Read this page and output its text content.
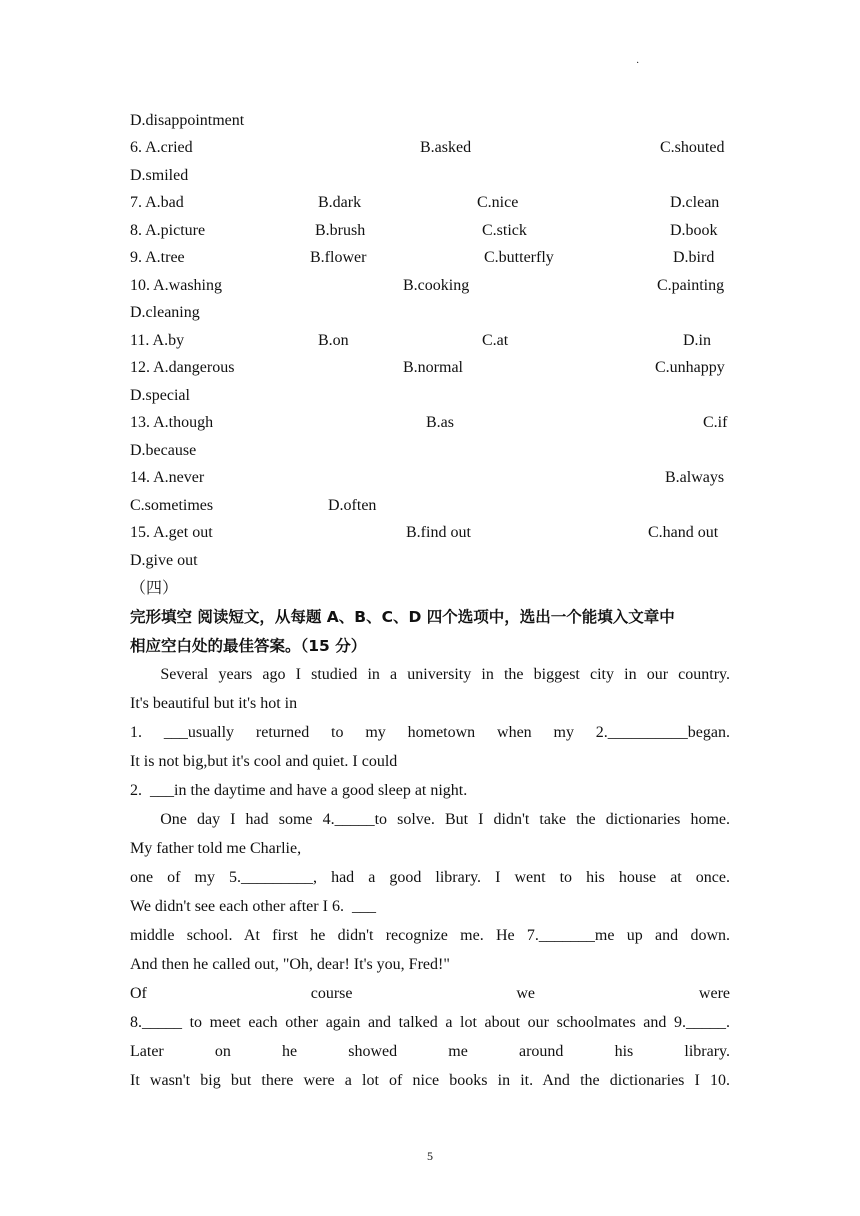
·
D.disappointment
6. A.cried	B.asked	C.shouted
D.smiled
7. A.bad	B.dark	C.nice	D.clean
8. A.picture	B.brush	C.stick	D.book
9. A.tree	B.flower	C.butterfly	D.bird
10. A.washing	B.cooking	C.painting
D.cleaning
11. A.by	B.on	C.at	D.in
12. A.dangerous	B.normal	C.unhappy
D.special
13. A.though	B.as	C.if
D.because
14. A.never	B.always
C.sometimes	D.often
15. A.get out	B.find out	C.hand out
D.give out
（四）
完形填空 阅读短文，从每题 A、B、C、D 四个选项中，选出一个能填入文章中
相应空白处的最佳答案。（15 分）
Several years ago I studied in a university in the biggest city in our country.
It's beautiful but it's hot in
1. ___usually returned to my hometown when my 2.__________began.
It is not big,but it's cool and quiet. I could
2.  ___in the daytime and have a good sleep at night.
One day I had some 4._____to solve. But I didn't take the dictionaries home.
My father told me Charlie,
one of my 5._________, had a good library. I went to his house at once.
We didn't see each other after I 6.  ___
middle school. At first he didn't recognize me. He 7._______me up and down.
And then he called out, "Oh, dear! It's you, Fred!"
Of course we were
8._____ to meet each other again and talked a lot about our schoolmates and 9._____.
Later on he showed me around his library.
It wasn't big but there were a lot of nice books in it. And the dictionaries I 10.
5
